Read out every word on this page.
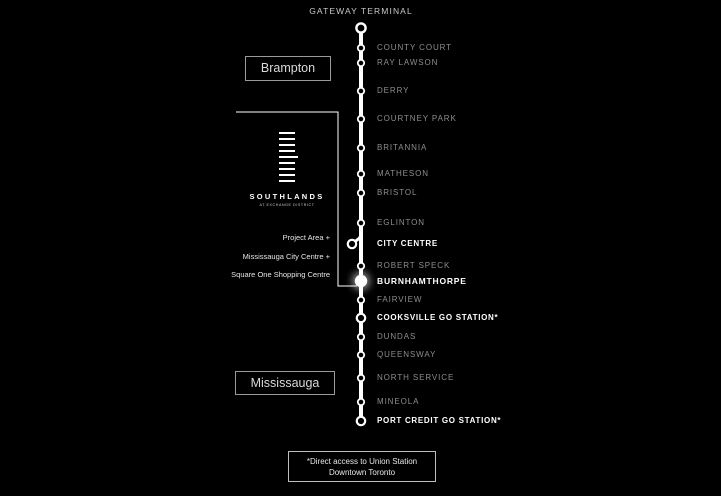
GATEWAY TERMINAL
COUNTY COURT
RAY LAWSON
DERRY
COURTNEY PARK
BRITANNIA
MATHESON
BRISTOL
EGLINTON
CITY CENTRE
ROBERT SPECK
BURNHAMTHORPE
FAIRVIEW
COOKSVILLE GO STATION*
DUNDAS
QUEENSWAY
NORTH SERVICE
MINEOLA
PORT CREDIT GO STATION*
Brampton
Mississauga
Project Area +
Mississauga City Centre +
Square One Shopping Centre
SOUTHLANDS
AT EXCHANGE DISTRICT
*Direct access to Union Station
Downtown Toronto
